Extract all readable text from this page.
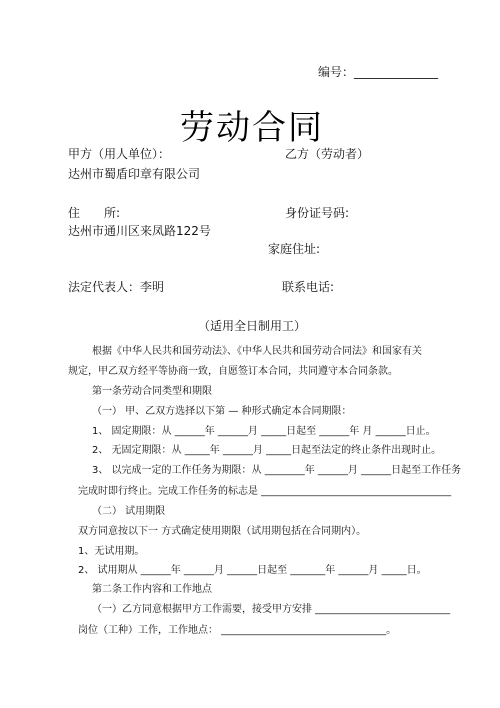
编号：______________
劳动合同
甲方（用人单位）：	乙方（劳动者）
达州市蜀盾印章有限公司
住　　所:	身份证号码:
达州市通川区来凤路122号
家庭住址:
法定代表人：李明	联系电话:
（适用全日制用工）
根据《中华人民共和国劳动法》、《中华人民共和国劳动合同法》和国家有关
规定，甲乙双方经平等协商一致，自愿签订本合同，共同遵守本合同条款。
第一条劳动合同类型和期限
（一） 甲、乙双方选择以下第 — 种形式确定本合同期限：
1、 固定期限：从 ______年 ______月 _____日起至 ______年 月 ______日止。
2、 无固定期限：从 _____年 ______月 _____日起至法定的终止条件出现时止。
3、 以完成一定的工作任务为期限：从 ________年 ______月 ______日起至工作任务
完成时即行终止。完成工作任务的标志是 ______________________________________
（二） 试用期限
双方同意按以下一 方式确定使用期限（试用期包括在合同期内）。
1、无试用期。
2、 试用期从 ______年 ______月 ______日起至 _______年 ______月 _____日。
第二条工作内容和工作地点
（一）乙方同意根据甲方工作需要，接受甲方安排 ___________________________
岗位（工种）工作，工作地点： _________________________________。
